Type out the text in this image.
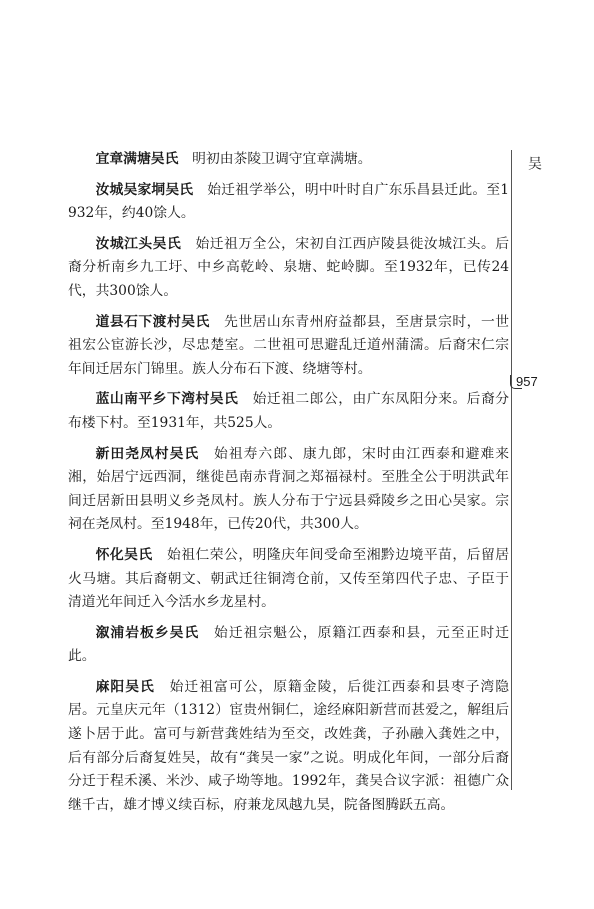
宜章满塘吴氏 明初由茶陵卫调守宜章满塘。

汝城吴家垌吴氏 始迁祖学举公，明中叶时自广东乐昌县迁此。至1932年，约40馀人。

汝城江头吴氏 始迁祖万全公，宋初自江西庐陵县徙汝城江头。后裔分析南乡九工圩、中乡高乾岭、泉塘、蛇岭脚。至1932年，已传24代，共300馀人。

道县石下渡村吴氏 先世居山东青州府益都县，至唐景宗时，一世祖宏公宦游长沙，尽忠楚室。二世祖可思避乱迁道州蒲濡。后裔宋仁宗年间迁居东门锦里。族人分布石下渡、绕塘等村。

蓝山南平乡下湾村吴氏 始迁祖二郎公，由广东凤阳分来。后裔分布楼下村。至1931年，共525人。

新田尧凤村吴氏 始祖寿六郎、康九郎，宋时由江西泰和避难来湘，始居宁远西洞，继徙邑南赤背洞之郑福禄村。至胜全公于明洪武年间迁居新田县明义乡尧凤村。族人分布于宁远县舜陵乡之田心吴家。宗祠在尧凤村。至1948年，已传20代，共300人。

怀化吴氏 始祖仁荣公，明隆庆年间受命至湘黔边境平苗，后留居火马塘。其后裔朝文、朝武迁往铜湾仓前，又传至第四代子忠、子臣于清道光年间迁入今活水乡龙星村。

溆浦岩板乡吴氏 始迁祖宗魁公，原籍江西泰和县，元至正时迁此。

麻阳吴氏 始迁祖富可公，原籍金陵，后徙江西泰和县枣子湾隐居。元皇庆元年（1312）宦贵州铜仁，途经麻阳新营而甚爱之，解组后遂卜居于此。富可与新营龚姓结为至交，改姓龚，子孙融入龚姓之中，后有部分后裔复姓吴，故有“龚吴一家”之说。明成化年间，一部分后裔分迁于程禾溪、米沙、咸子坳等地。1992年，龚吴合议字派：祖德广众继千古，雄才博义续百标，府兼龙凤越九昊，院备图腾跃五高。

吴
957
